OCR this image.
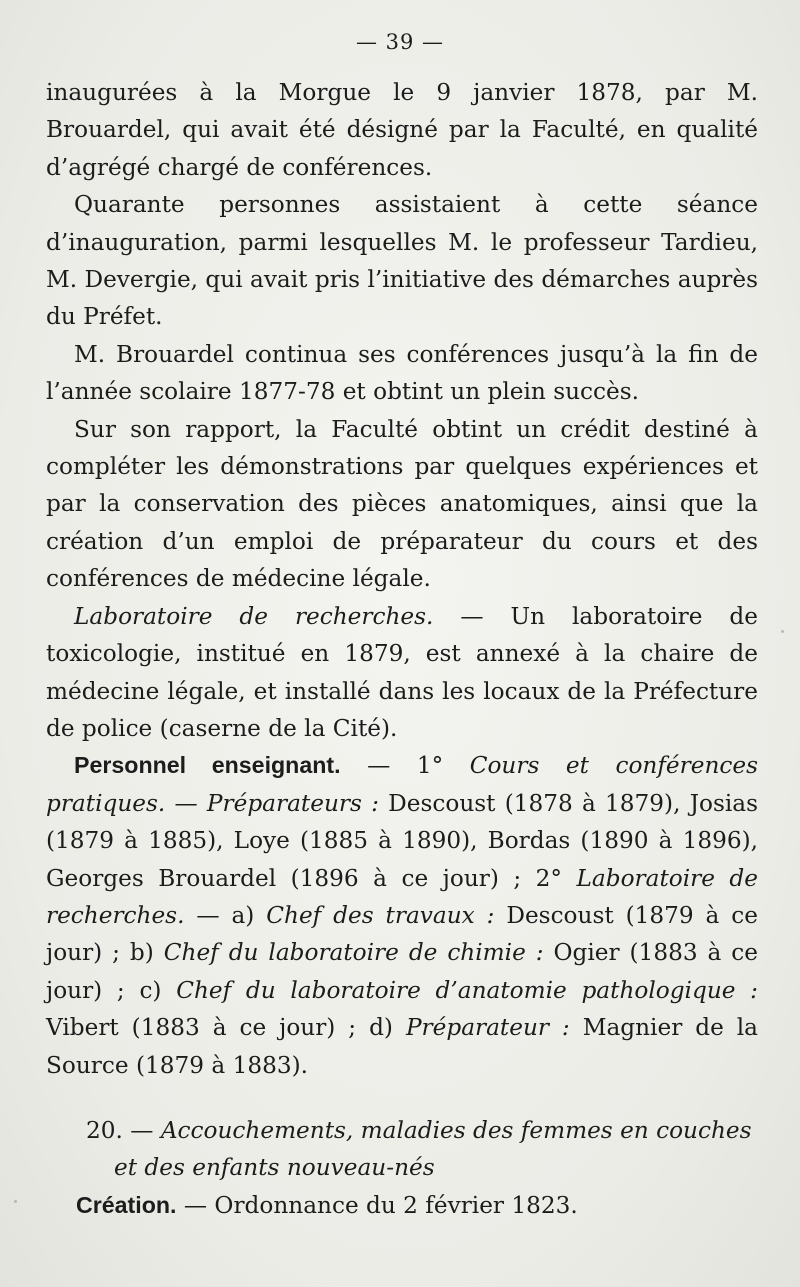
— 39 —

inaugurées à la Morgue le 9 janvier 1878, par M. Brouardel, qui avait été désigné par la Faculté, en qualité d’agrégé chargé de conférences.

Quarante personnes assistaient à cette séance d’inauguration, parmi lesquelles M. le professeur Tardieu, M. Devergie, qui avait pris l’initiative des démarches auprès du Préfet.

M. Brouardel continua ses conférences jusqu’à la fin de l’année scolaire 1877-78 et obtint un plein succès.

Sur son rapport, la Faculté obtint un crédit destiné à compléter les démonstrations par quelques expériences et par la conservation des pièces anatomiques, ainsi que la création d’un emploi de préparateur du cours et des conférences de médecine légale.

Laboratoire de recherches. — Un laboratoire de toxicologie, institué en 1879, est annexé à la chaire de médecine légale, et installé dans les locaux de la Préfecture de police (caserne de la Cité).

Personnel enseignant. — 1° Cours et conférences pratiques. — Préparateurs : Descoust (1878 à 1879), Josias (1879 à 1885), Loye (1885 à 1890), Bordas (1890 à 1896), Georges Brouardel (1896 à ce jour) ; 2° Laboratoire de recherches. — a) Chef des travaux : Descoust (1879 à ce jour) ; b) Chef du laboratoire de chimie : Ogier (1883 à ce jour) ; c) Chef du laboratoire d’anatomie pathologique : Vibert (1883 à ce jour) ; d) Préparateur : Magnier de la Source (1879 à 1883).

20. — Accouchements, maladies des femmes en couches

et des enfants nouveau-nés

Création. — Ordonnance du 2 février 1823.
